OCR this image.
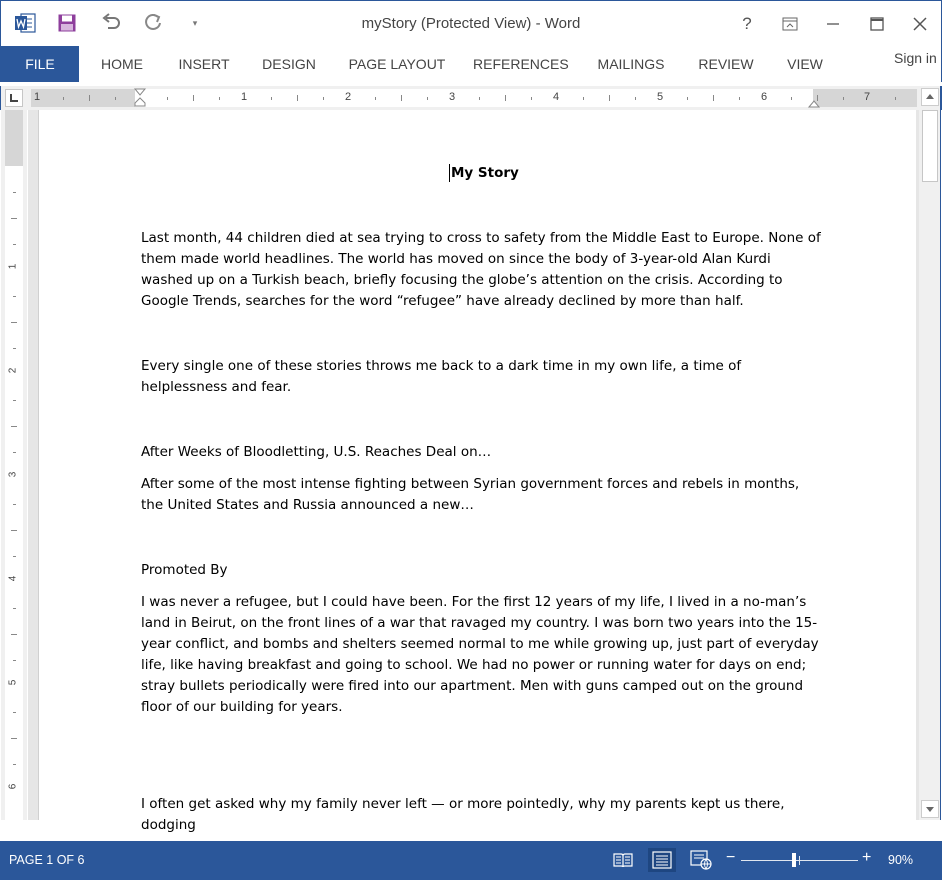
▾	myStory (Protected View) - Word	?
FILE	HOME	INSERT	DESIGN PAGE LAYOUT REFERENCES	MAILINGS	REVIEW VIEW	Sign in
1	1	2	3	4	5	6	7
1
2
3
4
5
6
My Story
Last month, 44 children died at sea trying to cross to safety from the Middle East to Europe. None of them made world headlines. The world has moved on since the body of 3-year-old Alan Kurdi washed up on a Turkish beach, briefly focusing the globe’s attention on the crisis. According to Google Trends, searches for the word “refugee” have already declined by more than half.
Every single one of these stories throws me back to a dark time in my own life, a time of helplessness and fear.
After Weeks of Bloodletting, U.S. Reaches Deal on…
After some of the most intense fighting between Syrian government forces and rebels in months, the United States and Russia announced a new…
Promoted By
I was never a refugee, but I could have been. For the first 12 years of my life, I lived in a no-man’s land in Beirut, on the front lines of a war that ravaged my country. I was born two years into the 15-year conflict, and bombs and shelters seemed normal to me while growing up, just part of everyday life, like having breakfast and going to school. We had no power or running water for days on end; stray bullets periodically were fired into our apartment. Men with guns camped out on the ground floor of our building for years.
I often get asked why my family never left — or more pointedly, why my parents kept us there, dodging
PAGE 1 OF 6	−	+ 90%
